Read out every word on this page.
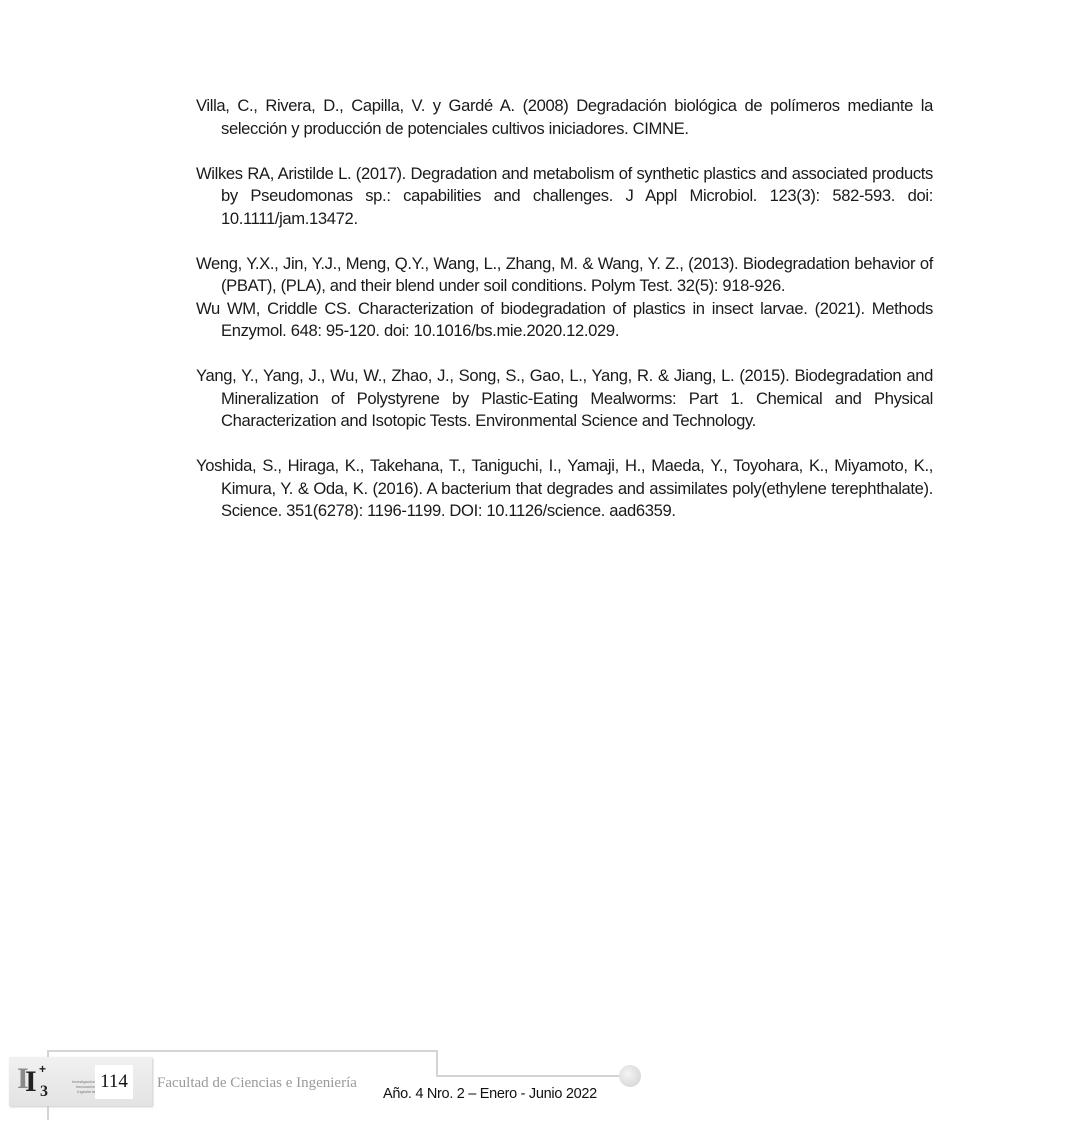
Villa, C., Rivera, D., Capilla, V. y Gardé A. (2008) Degradación biológica de polímeros mediante la selección y producción de potenciales cultivos iniciadores. CIMNE.

Wilkes RA, Aristilde L. (2017). Degradation and metabolism of synthetic plastics and associated products by Pseudomonas sp.: capabilities and challenges. J Appl Microbiol. 123(3): 582-593. doi: 10.1111/jam.13472.

Weng, Y.X., Jin, Y.J., Meng, Q.Y., Wang, L., Zhang, M. & Wang, Y. Z., (2013). Biodegradation behavior of (PBAT), (PLA), and their blend under soil conditions. Polym Test. 32(5): 918-926.

Wu WM, Criddle CS. Characterization of biodegradation of plastics in insect larvae. (2021). Methods Enzymol. 648: 95-120. doi: 10.1016/bs.mie.2020.12.029.

Yang, Y., Yang, J., Wu, W., Zhao, J., Song, S., Gao, L., Yang, R. & Jiang, L. (2015). Biodegradation and Mineralization of Polystyrene by Plastic-Eating Mealworms: Part 1. Chemical and Physical Characterization and Isotopic Tests. Environmental Science and Technology.

Yoshida, S., Hiraga, K., Takehana, T., Taniguchi, I., Yamaji, H., Maeda, Y., Toyohara, K., Miyamoto, K., Kimura, Y. & Oda, K. (2016). A bacterium that degrades and assimilates poly(ethylene terephthalate). Science. 351(6278): 1196-1199. DOI: 10.1126/science. aad6359.

I
I +
3
Investigación
Innovación
Ingeniería 114	Facultad de Ciencias e Ingeniería
Año. 4 Nro. 2 – Enero - Junio 2022
